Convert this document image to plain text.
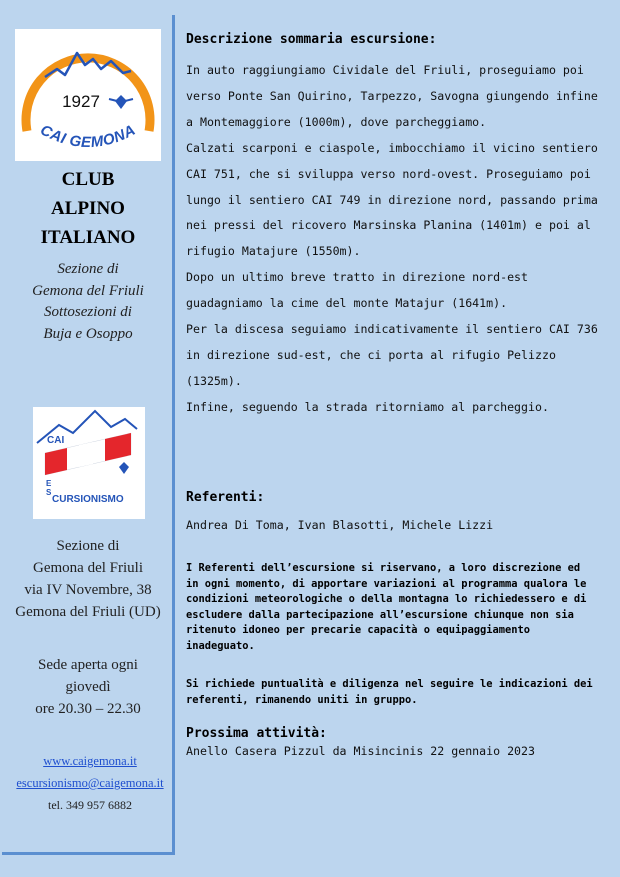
1927
CAI GEMONA
CLUB
ALPINO
ITALIANO
Sezione di
Gemona del Friuli
Sottosezioni di
Buja e Osoppo
CAI
E
S
CURSIONISMO
Sezione di
Gemona del Friuli
via IV Novembre, 38
Gemona del Friuli (UD)
Sede aperta ogni
giovedì
ore 20.30 – 22.30
www.caigemona.it
escursionismo@caigemona.it
tel. 349 957 6882
Descrizione sommaria escursione:
In auto raggiungiamo Cividale del Friuli, proseguiamo poi
verso Ponte San Quirino, Tarpezzo, Savogna giungendo infine
a Montemaggiore (1000m), dove parcheggiamo.
Calzati scarponi e ciaspole, imbocchiamo il vicino sentiero
CAI 751, che si sviluppa verso nord-ovest. Proseguiamo poi
lungo il sentiero CAI 749 in direzione nord, passando prima
nei pressi del ricovero Marsinska Planina (1401m) e poi al
rifugio Matajure (1550m).
Dopo un ultimo breve tratto in direzione nord-est
guadagniamo la cime del monte Matajur (1641m).
Per la discesa seguiamo indicativamente il sentiero CAI 736
in direzione sud-est, che ci porta al rifugio Pelizzo
(1325m).
Infine, seguendo la strada ritorniamo al parcheggio.
Referenti:
Andrea Di Toma, Ivan Blasotti, Michele Lizzi
I Referenti dell’escursione si riservano, a loro discrezione ed
in ogni momento, di apportare variazioni al programma qualora le
condizioni meteorologiche o della montagna lo richiedessero e di
escludere dalla partecipazione all’escursione chiunque non sia
ritenuto idoneo per precarie capacità o equipaggiamento
inadeguato.
Si richiede puntualità e diligenza nel seguire le indicazioni dei
referenti, rimanendo uniti in gruppo.
Prossima attività:
Anello Casera Pizzul da Misincinis 22 gennaio 2023
